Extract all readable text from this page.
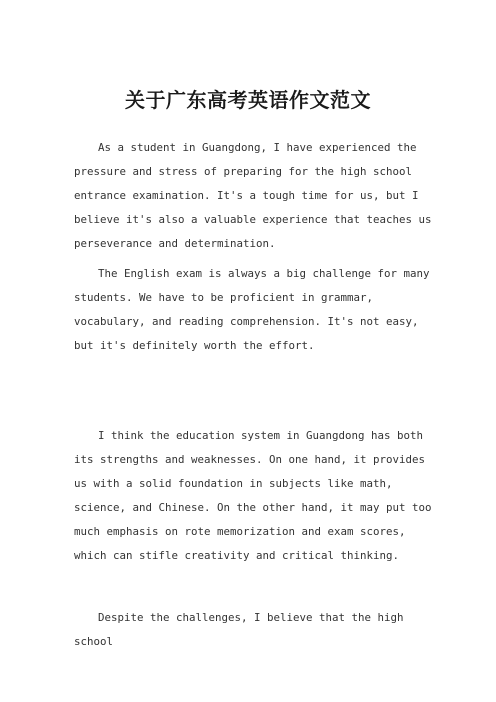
关于广东高考英语作文范文

As a student in Guangdong, I have experienced the pressure and stress of preparing for the high school entrance examination. It's a tough time for us, but I believe it's also a valuable experience that teaches us perseverance and determination.

The English exam is always a big challenge for many students. We have to be proficient in grammar, vocabulary, and reading comprehension. It's not easy, but it's definitely worth the effort.

I think the education system in Guangdong has both its strengths and weaknesses. On one hand, it provides us with a solid foundation in subjects like math, science, and Chinese. On the other hand, it may put too much emphasis on rote memorization and exam scores, which can stifle creativity and critical thinking.

Despite the challenges, I believe that the high school
